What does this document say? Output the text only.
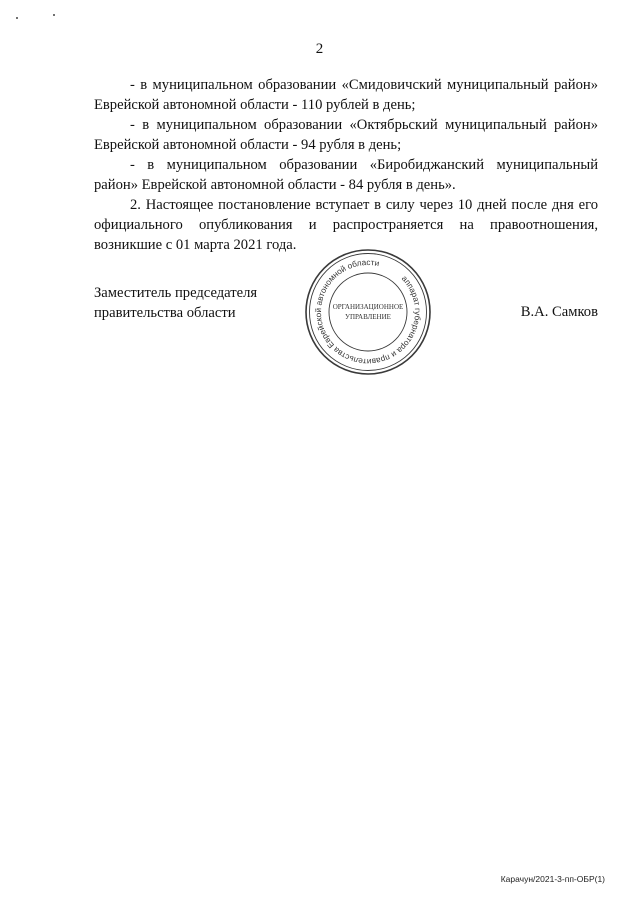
2

- в муниципальном образовании «Смидовичский муниципальный район» Еврейской автономной области - 110 рублей в день;

- в муниципальном образовании «Октябрьский муниципальный район» Еврейской автономной области - 94 рубля в день;

- в муниципальном образовании «Биробиджанский муниципальный район» Еврейской автономной области - 84 рубля в день».

2. Настоящее постановление вступает в силу через 10 дней после дня его официального опубликования и распространяется на правоотношения, возникшие с 01 марта 2021 года.

Заместитель председателя
правительства области
аппарат губернатора и правительства Еврейской автономной области
ОРГАНИЗАЦИОННОЕ
УПРАВЛЕНИЕ	В.А. Самков
Каpачун/2021-3-пп-ОБР(1)
